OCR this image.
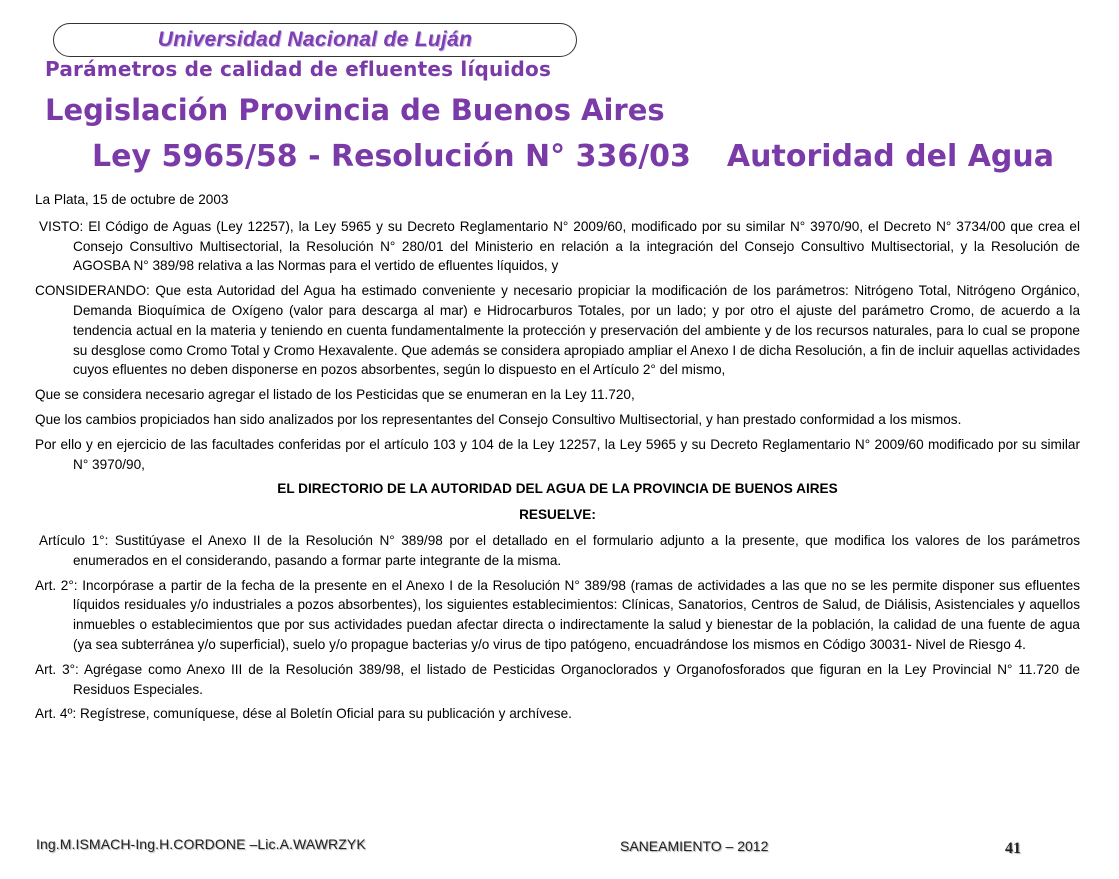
Universidad Nacional de Luján
Parámetros de calidad de efluentes líquidos
Legislación Provincia de Buenos Aires
Ley 5965/58 - Resolución N° 336/03 Autoridad del Agua

La Plata, 15 de octubre de 2003

VISTO: El Código de Aguas (Ley 12257), la Ley 5965 y su Decreto Reglamentario N° 2009/60, modificado por su similar N° 3970/90, el Decreto N° 3734/00 que crea el Consejo Consultivo Multisectorial, la Resolución N° 280/01 del Ministerio en relación a la integración del Consejo Consultivo Multisectorial, y la Resolución de AGOSBA N° 389/98 relativa a las Normas para el vertido de efluentes líquidos, y

CONSIDERANDO: Que esta Autoridad del Agua ha estimado conveniente y necesario propiciar la modificación de los parámetros: Nitrógeno Total, Nitrógeno Orgánico, Demanda Bioquímica de Oxígeno (valor para descarga al mar) e Hidrocarburos Totales, por un lado; y por otro el ajuste del parámetro Cromo, de acuerdo a la tendencia actual en la materia y teniendo en cuenta fundamentalmente la protección y preservación del ambiente y de los recursos naturales, para lo cual se propone su desglose como Cromo Total y Cromo Hexavalente. Que además se considera apropiado ampliar el Anexo I de dicha Resolución, a fin de incluir aquellas actividades cuyos efluentes no deben disponerse en pozos absorbentes, según lo dispuesto en el Artículo 2° del mismo,

Que se considera necesario agregar el listado de los Pesticidas que se enumeran en la Ley 11.720,

Que los cambios propiciados han sido analizados por los representantes del Consejo Consultivo Multisectorial, y han prestado conformidad a los mismos.

Por ello y en ejercicio de las facultades conferidas por el artículo 103 y 104 de la Ley 12257, la Ley 5965 y su Decreto Reglamentario N° 2009/60 modificado por su similar N° 3970/90,

EL DIRECTORIO DE LA AUTORIDAD DEL AGUA DE LA PROVINCIA DE BUENOS AIRES

RESUELVE:

Artículo 1°: Sustitúyase el Anexo II de la Resolución N° 389/98 por el detallado en el formulario adjunto a la presente, que modifica los valores de los parámetros enumerados en el considerando, pasando a formar parte integrante de la misma.

Art. 2°: Incorpórase a partir de la fecha de la presente en el Anexo I de la Resolución N° 389/98 (ramas de actividades a las que no se les permite disponer sus efluentes líquidos residuales y/o industriales a pozos absorbentes), los siguientes establecimientos: Clínicas, Sanatorios, Centros de Salud, de Diálisis, Asistenciales y aquellos inmuebles o establecimientos que por sus actividades puedan afectar directa o indirectamente la salud y bienestar de la población, la calidad de una fuente de agua (ya sea subterránea y/o superficial), suelo y/o propague bacterias y/o virus de tipo patógeno, encuadrándose los mismos en Código 30031- Nivel de Riesgo 4.

Art. 3°: Agrégase como Anexo III de la Resolución 389/98, el listado de Pesticidas Organoclorados y Organofosforados que figuran en la Ley Provincial N° 11.720 de Residuos Especiales.

Art. 4º: Regístrese, comuníquese, dése al Boletín Oficial para su publicación y archívese.

Ing.M.ISMACH-Ing.H.CORDONE –Lic.A.WAWRZYK	SANEAMIENTO – 2012	41
